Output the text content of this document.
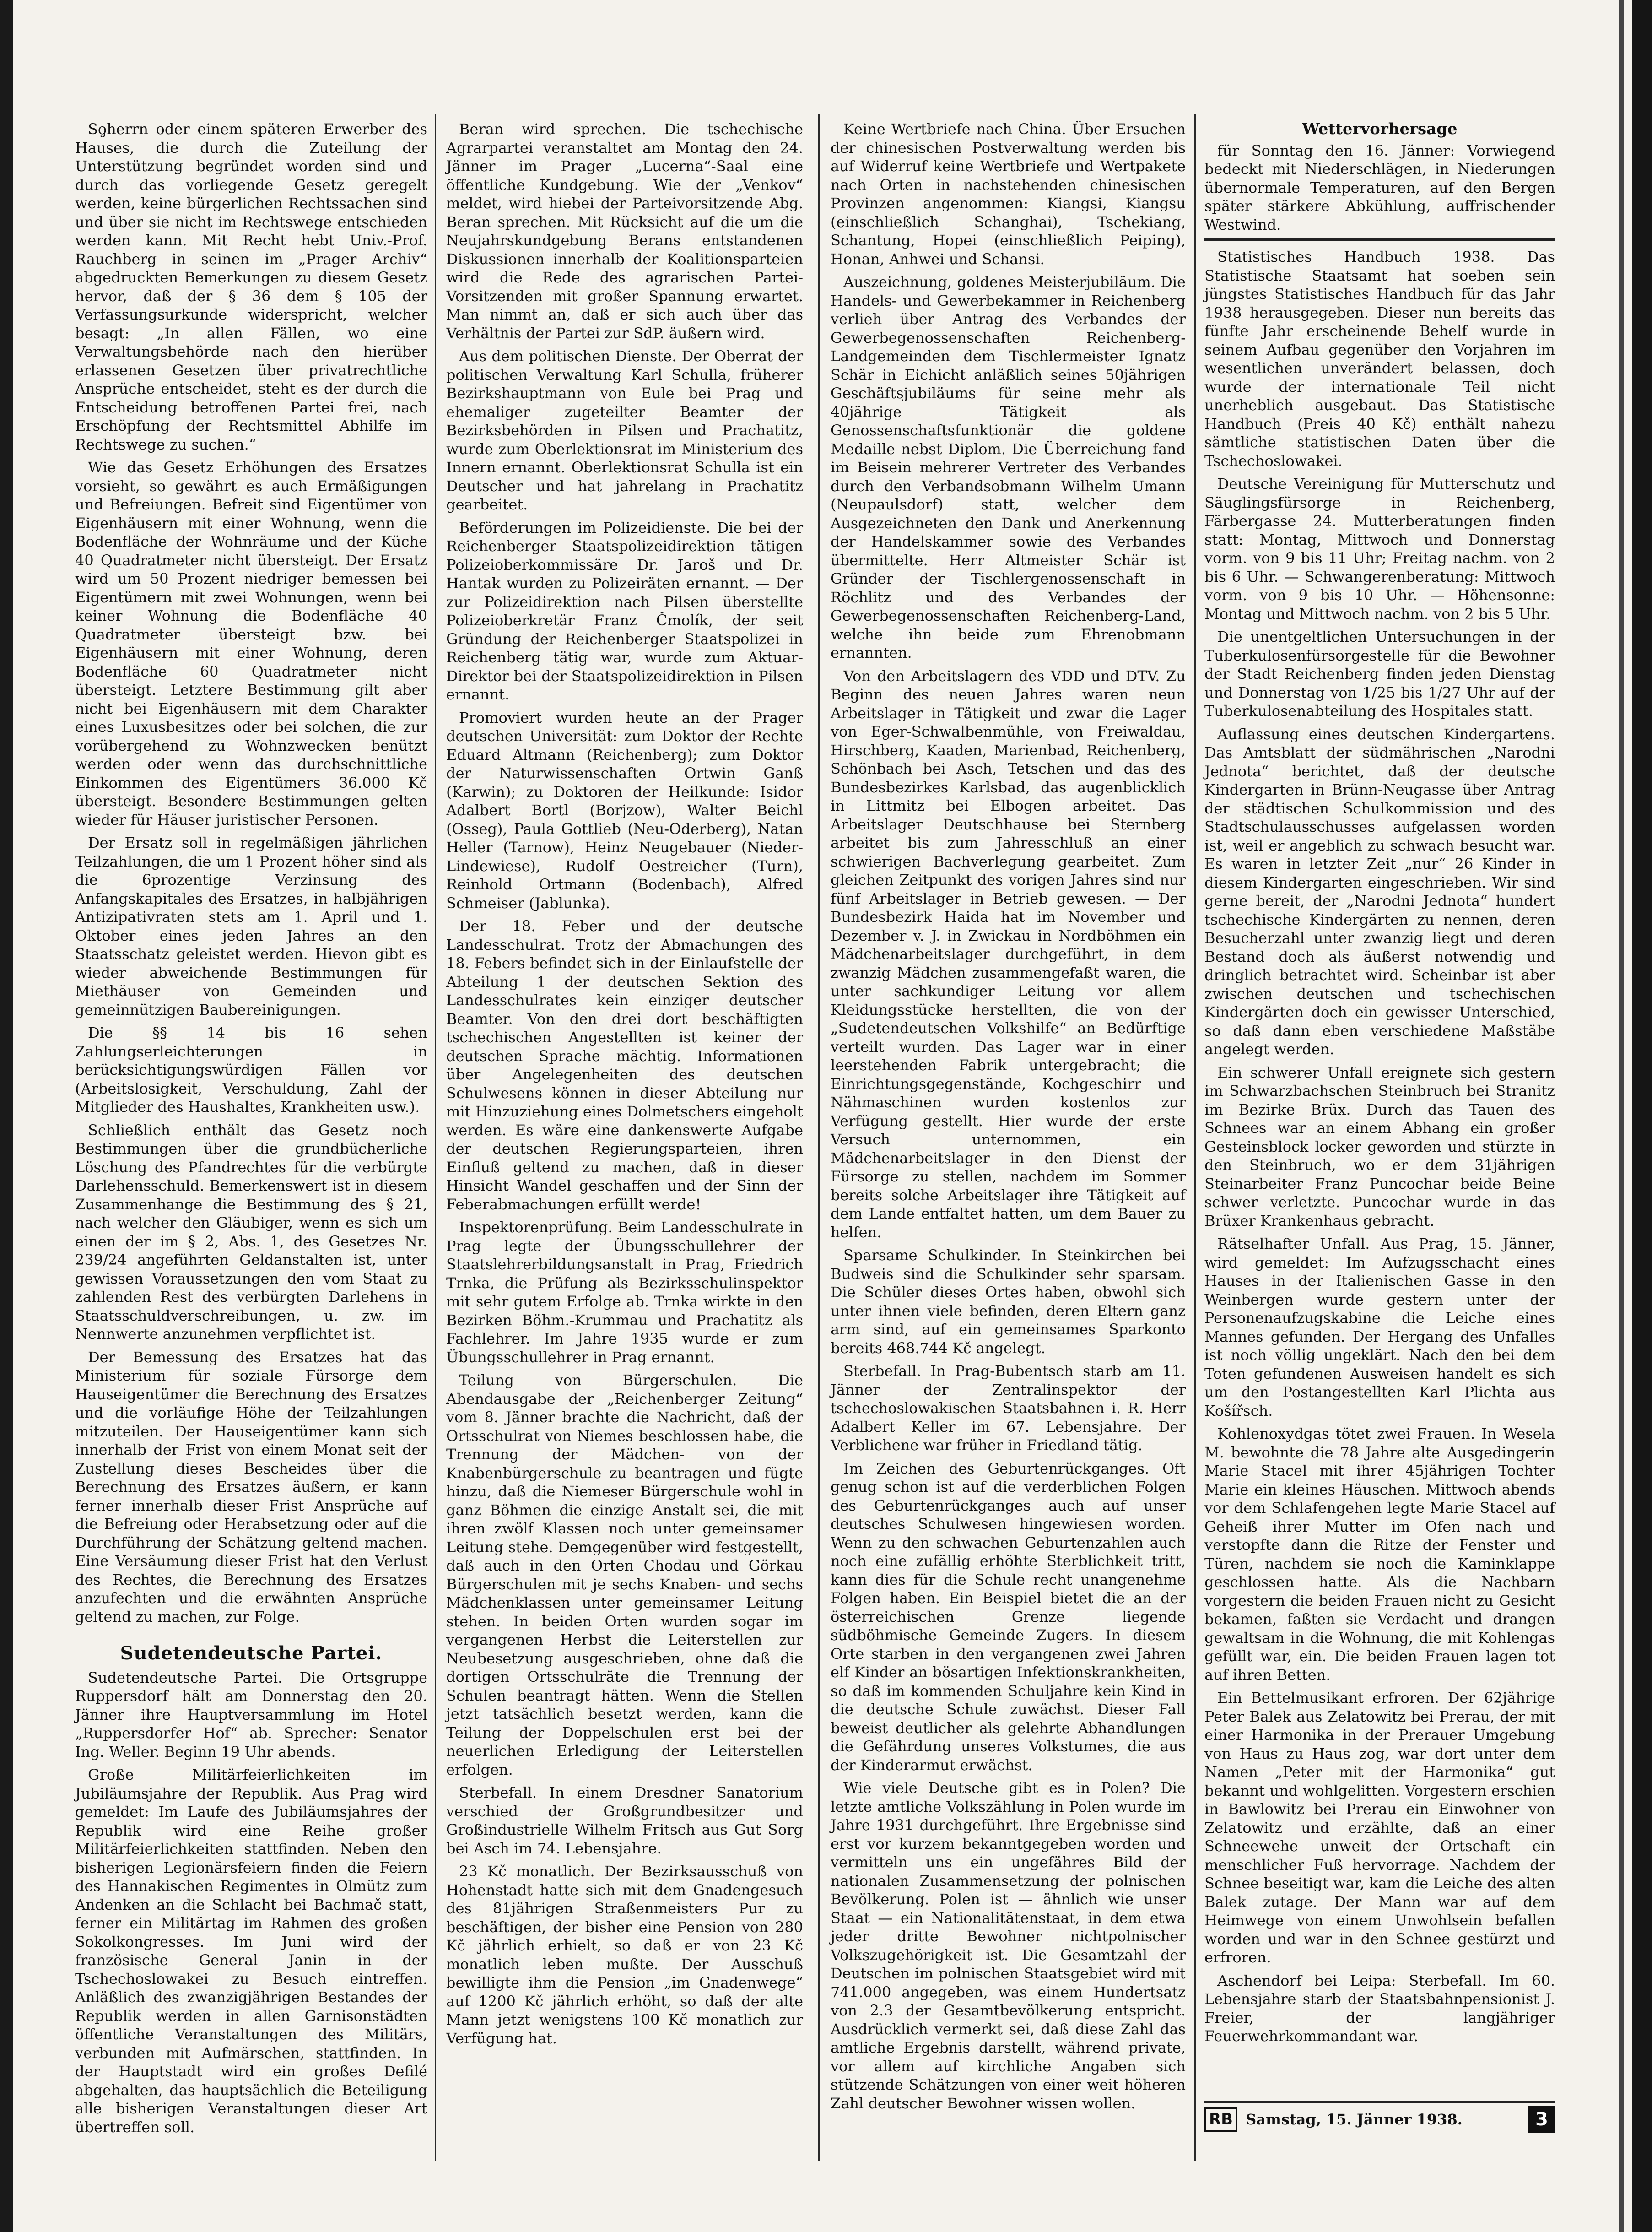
So̡herrn oder einem späteren Erwerber des Hauses, die durch die Zuteilung der Unterstützung begründet worden sind und durch das vorliegende Gesetz geregelt werden, keine bürgerlichen Rechtssachen sind und über sie nicht im Rechtswege entschieden werden kann. Mit Recht hebt Univ.-Prof. Rauchberg in seinen im „Prager Archiv“ abgedruckten Bemerkungen zu diesem Gesetz hervor, daß der § 36 dem § 105 der Verfassungsurkunde widerspricht, welcher besagt: „In allen Fällen, wo eine Verwaltungsbehörde nach den hierüber erlassenen Gesetzen über privatrechtliche Ansprüche entscheidet, steht es der durch die Entscheidung betroffenen Partei frei, nach Erschöpfung der Rechtsmittel Abhilfe im Rechtswege zu suchen.“

Wie das Gesetz Erhöhungen des Ersatzes vorsieht, so gewährt es auch Ermäßigungen und Befreiungen. Befreit sind Eigentümer von Eigenhäusern mit einer Wohnung, wenn die Bodenfläche der Wohnräume und der Küche 40 Quadratmeter nicht übersteigt. Der Ersatz wird um 50 Prozent niedriger bemessen bei Eigentümern mit zwei Wohnungen, wenn bei keiner Wohnung die Bodenfläche 40 Quadratmeter übersteigt bzw. bei Eigenhäusern mit einer Wohnung, deren Bodenfläche 60 Quadratmeter nicht übersteigt. Letztere Bestimmung gilt aber nicht bei Eigenhäusern mit dem Charakter eines Luxusbesitzes oder bei solchen, die zur vorübergehend zu Wohnzwecken benützt werden oder wenn das durchschnittliche Einkommen des Eigentümers 36.000 Kč übersteigt. Besondere Bestimmungen gelten wieder für Häuser juristischer Personen.

Der Ersatz soll in regelmäßigen jährlichen Teilzahlungen, die um 1 Prozent höher sind als die 6prozentige Verzinsung des Anfangskapitales des Ersatzes, in halbjährigen Antizipativraten stets am 1. April und 1. Oktober eines jeden Jahres an den Staatsschatz geleistet werden. Hievon gibt es wieder abweichende Bestimmungen für Miethäuser von Gemeinden und gemeinnützigen Baubereinigungen.

Die §§ 14 bis 16 sehen Zahlungserleichterungen in berücksichtigungswürdigen Fällen vor (Arbeitslosigkeit, Verschuldung, Zahl der Mitglieder des Haushaltes, Krankheiten usw.).

Schließlich enthält das Gesetz noch Bestimmungen über die grundbücherliche Löschung des Pfandrechtes für die verbürgte Darlehensschuld. Bemerkenswert ist in diesem Zusammenhange die Bestimmung des § 21, nach welcher den Gläubiger, wenn es sich um einen der im § 2, Abs. 1, des Gesetzes Nr. 239/24 angeführten Geldanstalten ist, unter gewissen Voraussetzungen den vom Staat zu zahlenden Rest des verbürgten Darlehens in Staatsschuldverschreibungen, u. zw. im Nennwerte anzunehmen verpflichtet ist.

Der Bemessung des Ersatzes hat das Ministerium für soziale Fürsorge dem Hauseigentümer die Berechnung des Ersatzes und die vorläufige Höhe der Teilzahlungen mitzuteilen. Der Hauseigentümer kann sich innerhalb der Frist von einem Monat seit der Zustellung dieses Bescheides über die Berechnung des Ersatzes äußern, er kann ferner innerhalb dieser Frist Ansprüche auf die Befreiung oder Herabsetzung oder auf die Durchführung der Schätzung geltend machen. Eine Versäumung dieser Frist hat den Verlust des Rechtes, die Berechnung des Ersatzes anzufechten und die erwähnten Ansprüche geltend zu machen, zur Folge.

Sudetendeutsche Partei.

Sudetendeutsche Partei. Die Ortsgruppe Ruppersdorf hält am Donnerstag den 20. Jänner ihre Hauptversammlung im Hotel „Ruppersdorfer Hof“ ab. Sprecher: Senator Ing. Weller. Beginn 19 Uhr abends.

Große Militärfeierlichkeiten im Jubiläumsjahre der Republik. Aus Prag wird gemeldet: Im Laufe des Jubiläumsjahres der Republik wird eine Reihe großer Militärfeierlichkeiten stattfinden. Neben den bisherigen Legionärsfeiern finden die Feiern des Hannakischen Regimentes in Olmütz zum Andenken an die Schlacht bei Bachmač statt, ferner ein Militärtag im Rahmen des großen Sokolkongresses. Im Juni wird der französische General Janin in der Tschechoslowakei zu Besuch eintreffen. Anläßlich des zwanzigjährigen Bestandes der Republik werden in allen Garnisonstädten öffentliche Veranstaltungen des Militärs, verbunden mit Aufmärschen, stattfinden. In der Hauptstadt wird ein großes Defilé abgehalten, das hauptsächlich die Beteiligung alle bisherigen Veranstaltungen dieser Art übertreffen soll.

Beran wird sprechen. Die tschechische Agrarpartei veranstaltet am Montag den 24. Jänner im Prager „Lucerna“-Saal eine öffentliche Kundgebung. Wie der „Venkov“ meldet, wird hiebei der Parteivorsitzende Abg. Beran sprechen. Mit Rücksicht auf die um die Neujahrskundgebung Berans entstandenen Diskussionen innerhalb der Koalitionsparteien wird die Rede des agrarischen Partei-Vorsitzenden mit großer Spannung erwartet. Man nimmt an, daß er sich auch über das Verhältnis der Partei zur SdP. äußern wird.

Aus dem politischen Dienste. Der Oberrat der politischen Verwaltung Karl Schulla, früherer Bezirkshauptmann von Eule bei Prag und ehemaliger zugeteilter Beamter der Bezirksbehörden in Pilsen und Prachatitz, wurde zum Oberlektionsrat im Ministerium des Innern ernannt. Oberlektionsrat Schulla ist ein Deutscher und hat jahrelang in Prachatitz gearbeitet.

Beförderungen im Polizeidienste. Die bei der Reichenberger Staatspolizeidirektion tätigen Polizeioberkommissäre Dr. Jaroš und Dr. Hantak wurden zu Polizeiräten ernannt. — Der zur Polizeidirektion nach Pilsen überstellte Polizeioberkretär Franz Čmolík, der seit Gründung der Reichenberger Staatspolizei in Reichenberg tätig war, wurde zum Aktuar-Direktor bei der Staatspolizeidirektion in Pilsen ernannt.

Promoviert wurden heute an der Prager deutschen Universität: zum Doktor der Rechte Eduard Altmann (Reichenberg); zum Doktor der Naturwissenschaften Ortwin Ganß (Karwin); zu Doktoren der Heilkunde: Isidor Adalbert Bortl (Borjzow), Walter Beichl (Osseg), Paula Gottlieb (Neu-Oderberg), Natan Heller (Tarnow), Heinz Neugebauer (Nieder-Lindewiese), Rudolf Oestreicher (Turn), Reinhold Ortmann (Bodenbach), Alfred Schmeiser (Jablunka).

Der 18. Feber und der deutsche Landesschulrat. Trotz der Abmachungen des 18. Febers befindet sich in der Einlaufstelle der Abteilung 1 der deutschen Sektion des Landesschulrates kein einziger deutscher Beamter. Von den drei dort beschäftigten tschechischen Angestellten ist keiner der deutschen Sprache mächtig. Informationen über Angelegenheiten des deutschen Schulwesens können in dieser Abteilung nur mit Hinzuziehung eines Dolmetschers eingeholt werden. Es wäre eine dankenswerte Aufgabe der deutschen Regierungsparteien, ihren Einfluß geltend zu machen, daß in dieser Hinsicht Wandel geschaffen und der Sinn der Feberabmachungen erfüllt werde!

Inspektorenprüfung. Beim Landesschulrate in Prag legte der Übungsschullehrer der Staatslehrerbildungsanstalt in Prag, Friedrich Trnka, die Prüfung als Bezirksschulinspektor mit sehr gutem Erfolge ab. Trnka wirkte in den Bezirken Böhm.-Krummau und Prachatitz als Fachlehrer. Im Jahre 1935 wurde er zum Übungsschullehrer in Prag ernannt.

Teilung von Bürgerschulen. Die Abendausgabe der „Reichenberger Zeitung“ vom 8. Jänner brachte die Nachricht, daß der Ortsschulrat von Niemes beschlossen habe, die Trennung der Mädchen- von der Knabenbürgerschule zu beantragen und fügte hinzu, daß die Niemeser Bürgerschule wohl in ganz Böhmen die einzige Anstalt sei, die mit ihren zwölf Klassen noch unter gemeinsamer Leitung stehe. Demgegenüber wird festgestellt, daß auch in den Orten Chodau und Görkau Bürgerschulen mit je sechs Knaben- und sechs Mädchenklassen unter gemeinsamer Leitung stehen. In beiden Orten wurden sogar im vergangenen Herbst die Leiterstellen zur Neubesetzung ausgeschrieben, ohne daß die dortigen Ortsschulräte die Trennung der Schulen beantragt hätten. Wenn die Stellen jetzt tatsächlich besetzt werden, kann die Teilung der Doppelschulen erst bei der neuerlichen Erledigung der Leiterstellen erfolgen.

Sterbefall. In einem Dresdner Sanatorium verschied der Großgrundbesitzer und Großindustrielle Wilhelm Fritsch aus Gut Sorg bei Asch im 74. Lebensjahre.

23 Kč monatlich. Der Bezirksausschuß von Hohenstadt hatte sich mit dem Gnadengesuch des 81jährigen Straßenmeisters Pur zu beschäftigen, der bisher eine Pension von 280 Kč jährlich erhielt, so daß er von 23 Kč monatlich leben mußte. Der Ausschuß bewilligte ihm die Pension „im Gnadenwege“ auf 1200 Kč jährlich erhöht, so daß der alte Mann jetzt wenigstens 100 Kč monatlich zur Verfügung hat.

Keine Wertbriefe nach China. Über Ersuchen der chinesischen Postverwaltung werden bis auf Widerruf keine Wertbriefe und Wertpakete nach Orten in nachstehenden chinesischen Provinzen angenommen: Kiangsi, Kiangsu (einschließlich Schanghai), Tschekiang, Schantung, Hopei (einschließlich Peiping), Honan, Anhwei und Schansi.

Auszeichnung, goldenes Meisterjubiläum. Die Handels- und Gewerbekammer in Reichenberg verlieh über Antrag des Verbandes der Gewerbegenossenschaften Reichenberg-Landgemeinden dem Tischlermeister Ignatz Schär in Eichicht anläßlich seines 50jährigen Geschäftsjubiläums für seine mehr als 40jährige Tätigkeit als Genossenschaftsfunktionär die goldene Medaille nebst Diplom. Die Überreichung fand im Beisein mehrerer Vertreter des Verbandes durch den Verbandsobmann Wilhelm Umann (Neupaulsdorf) statt, welcher dem Ausgezeichneten den Dank und Anerkennung der Handelskammer sowie des Verbandes übermittelte. Herr Altmeister Schär ist Gründer der Tischlergenossenschaft in Röchlitz und des Verbandes der Gewerbegenossenschaften Reichenberg-Land, welche ihn beide zum Ehrenobmann ernannten.

Von den Arbeitslagern des VDD und DTV. Zu Beginn des neuen Jahres waren neun Arbeitslager in Tätigkeit und zwar die Lager von Eger-Schwalbenmühle, von Freiwaldau, Hirschberg, Kaaden, Marienbad, Reichenberg, Schönbach bei Asch, Tetschen und das des Bundesbezirkes Karlsbad, das augenblicklich in Littmitz bei Elbogen arbeitet. Das Arbeitslager Deutschhause bei Sternberg arbeitet bis zum Jahresschluß an einer schwierigen Bachverlegung gearbeitet. Zum gleichen Zeitpunkt des vorigen Jahres sind nur fünf Arbeitslager in Betrieb gewesen. — Der Bundesbezirk Haida hat im November und Dezember v. J. in Zwickau in Nordböhmen ein Mädchenarbeitslager durchgeführt, in dem zwanzig Mädchen zusammengefaßt waren, die unter sachkundiger Leitung vor allem Kleidungsstücke herstellten, die von der „Sudetendeutschen Volkshilfe“ an Bedürftige verteilt wurden. Das Lager war in einer leerstehenden Fabrik untergebracht; die Einrichtungsgegenstände, Kochgeschirr und Nähmaschinen wurden kostenlos zur Verfügung gestellt. Hier wurde der erste Versuch unternommen, ein Mädchenarbeitslager in den Dienst der Fürsorge zu stellen, nachdem im Sommer bereits solche Arbeitslager ihre Tätigkeit auf dem Lande entfaltet hatten, um dem Bauer zu helfen.

Sparsame Schulkinder. In Steinkirchen bei Budweis sind die Schulkinder sehr sparsam. Die Schüler dieses Ortes haben, obwohl sich unter ihnen viele befinden, deren Eltern ganz arm sind, auf ein gemeinsames Sparkonto bereits 468.744 Kč angelegt.

Sterbefall. In Prag-Bubentsch starb am 11. Jänner der Zentralinspektor der tschechoslowakischen Staatsbahnen i. R. Herr Adalbert Keller im 67. Lebensjahre. Der Verblichene war früher in Friedland tätig.

Im Zeichen des Geburtenrückganges. Oft genug schon ist auf die verderblichen Folgen des Geburtenrückganges auch auf unser deutsches Schulwesen hingewiesen worden. Wenn zu den schwachen Geburtenzahlen auch noch eine zufällig erhöhte Sterblichkeit tritt, kann dies für die Schule recht unangenehme Folgen haben. Ein Beispiel bietet die an der österreichischen Grenze liegende südböhmische Gemeinde Zugers. In diesem Orte starben in den vergangenen zwei Jahren elf Kinder an bösartigen Infektionskrankheiten, so daß im kommenden Schuljahre kein Kind in die deutsche Schule zuwächst. Dieser Fall beweist deutlicher als gelehrte Abhandlungen die Gefährdung unseres Volkstumes, die aus der Kinderarmut erwächst.

Wie viele Deutsche gibt es in Polen? Die letzte amtliche Volkszählung in Polen wurde im Jahre 1931 durchgeführt. Ihre Ergebnisse sind erst vor kurzem bekanntgegeben worden und vermitteln uns ein ungefähres Bild der nationalen Zusammensetzung der polnischen Bevölkerung. Polen ist — ähnlich wie unser Staat — ein Nationalitätenstaat, in dem etwa jeder dritte Bewohner nichtpolnischer Volkszugehörigkeit ist. Die Gesamtzahl der Deutschen im polnischen Staatsgebiet wird mit 741.000 angegeben, was einem Hundertsatz von 2.3 der Gesamtbevölkerung entspricht. Ausdrücklich vermerkt sei, daß diese Zahl das amtliche Ergebnis darstellt, während private, vor allem auf kirchliche Angaben sich stützende Schätzungen von einer weit höheren Zahl deutscher Bewohner wissen wollen.

Wettervorhersage

für Sonntag den 16. Jänner: Vorwiegend bedeckt mit Niederschlägen, in Niederungen übernormale Temperaturen, auf den Bergen später stärkere Abkühlung, auffrischender Westwind.

Statistisches Handbuch 1938. Das Statistische Staatsamt hat soeben sein jüngstes Statistisches Handbuch für das Jahr 1938 herausgegeben. Dieser nun bereits das fünfte Jahr erscheinende Behelf wurde in seinem Aufbau gegenüber den Vorjahren im wesentlichen unverändert belassen, doch wurde der internationale Teil nicht unerheblich ausgebaut. Das Statistische Handbuch (Preis 40 Kč) enthält nahezu sämtliche statistischen Daten über die Tschechoslowakei.

Deutsche Vereinigung für Mutterschutz und Säuglingsfürsorge in Reichenberg, Färbergasse 24. Mutterberatungen finden statt: Montag, Mittwoch und Donnerstag vorm. von 9 bis 11 Uhr; Freitag nachm. von 2 bis 6 Uhr. — Schwangerenberatung: Mittwoch vorm. von 9 bis 10 Uhr. — Höhensonne: Montag und Mittwoch nachm. von 2 bis 5 Uhr.

Die unentgeltlichen Untersuchungen in der Tuberkulosenfürsorgestelle für die Bewohner der Stadt Reichenberg finden jeden Dienstag und Donnerstag von 1/25 bis 1/27 Uhr auf der Tuberkulosenabteilung des Hospitales statt.

Auflassung eines deutschen Kindergartens. Das Amtsblatt der südmährischen „Narodni Jednota“ berichtet, daß der deutsche Kindergarten in Brünn-Neugasse über Antrag der städtischen Schulkommission und des Stadtschulausschusses aufgelassen worden ist, weil er angeblich zu schwach besucht war. Es waren in letzter Zeit „nur“ 26 Kinder in diesem Kindergarten eingeschrieben. Wir sind gerne bereit, der „Narodni Jednota“ hundert tschechische Kindergärten zu nennen, deren Besucherzahl unter zwanzig liegt und deren Bestand doch als äußerst notwendig und dringlich betrachtet wird. Scheinbar ist aber zwischen deutschen und tschechischen Kindergärten doch ein gewisser Unterschied, so daß dann eben verschiedene Maßstäbe angelegt werden.

Ein schwerer Unfall ereignete sich gestern im Schwarzbachschen Steinbruch bei Stranitz im Bezirke Brüx. Durch das Tauen des Schnees war an einem Abhang ein großer Gesteinsblock locker geworden und stürzte in den Steinbruch, wo er dem 31jährigen Steinarbeiter Franz Puncochar beide Beine schwer verletzte. Puncochar wurde in das Brüxer Krankenhaus gebracht.

Rätselhafter Unfall. Aus Prag, 15. Jänner, wird gemeldet: Im Aufzugsschacht eines Hauses in der Italienischen Gasse in den Weinbergen wurde gestern unter der Personenaufzugskabine die Leiche eines Mannes gefunden. Der Hergang des Unfalles ist noch völlig ungeklärt. Nach den bei dem Toten gefundenen Ausweisen handelt es sich um den Postangestellten Karl Plichta aus Košířsch.

Kohlenoxydgas tötet zwei Frauen. In Wesela M. bewohnte die 78 Jahre alte Ausgedingerin Marie Stacel mit ihrer 45jährigen Tochter Marie ein kleines Häuschen. Mittwoch abends vor dem Schlafengehen legte Marie Stacel auf Geheiß ihrer Mutter im Ofen nach und verstopfte dann die Ritze der Fenster und Türen, nachdem sie noch die Kaminklappe geschlossen hatte. Als die Nachbarn vorgestern die beiden Frauen nicht zu Gesicht bekamen, faßten sie Verdacht und drangen gewaltsam in die Wohnung, die mit Kohlengas gefüllt war, ein. Die beiden Frauen lagen tot auf ihren Betten.

Ein Bettelmusikant erfroren. Der 62jährige Peter Balek aus Zelatowitz bei Prerau, der mit einer Harmonika in der Prerauer Umgebung von Haus zu Haus zog, war dort unter dem Namen „Peter mit der Harmonika“ gut bekannt und wohlgelitten. Vorgestern erschien in Bawlowitz bei Prerau ein Einwohner von Zelatowitz und erzählte, daß an einer Schneewehe unweit der Ortschaft ein menschlicher Fuß hervorrage. Nachdem der Schnee beseitigt war, kam die Leiche des alten Balek zutage. Der Mann war auf dem Heimwege von einem Unwohlsein befallen worden und war in den Schnee gestürzt und erfroren.

Aschendorf bei Leipa: Sterbefall. Im 60. Lebensjahre starb der Staatsbahnpensionist J. Freier, der langjähriger Feuerwehrkommandant war.

RB Samstag, 15. Jänner 1938.	3
